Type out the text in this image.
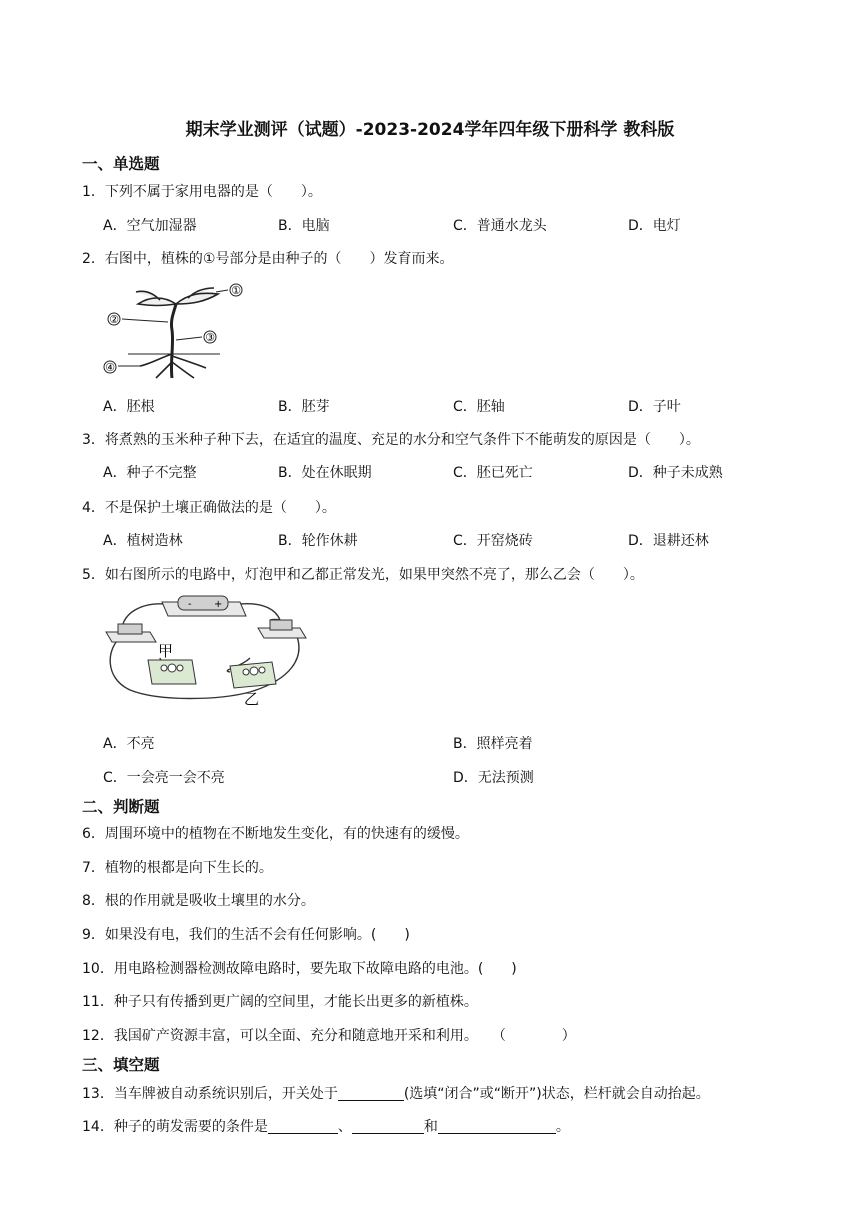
期末学业测评（试题）-2023-2024学年四年级下册科学 教科版
一、单选题
1．下列不属于家用电器的是（　　）。
A．空气加湿器	B．电脑	C．普通水龙头	D．电灯
2．右图中，植株的①号部分是由种子的（　　）发育而来。
①
②
③
④
A．胚根	B．胚芽	C．胚轴	D．子叶
3．将煮熟的玉米种子种下去，在适宜的温度、充足的水分和空气条件下不能萌发的原因是（　　）。
A．种子不完整	B．处在休眠期	C．胚已死亡	D．种子未成熟
4．不是保护土壤正确做法的是（　　）。
A．植树造林	B．轮作休耕	C．开窑烧砖	D．退耕还林
5．如右图所示的电路中，灯泡甲和乙都正常发光，如果甲突然不亮了，那么乙会（　　）。
- +
甲
乙
A．不亮	B．照样亮着
C．一会亮一会不亮	D．无法预测
二、判断题
6．周围环境中的植物在不断地发生变化，有的快速有的缓慢。
7．植物的根都是向下生长的。
8．根的作用就是吸收土壤里的水分。
9．如果没有电，我们的生活不会有任何影响。(　　)
10．用电路检测器检测故障电路时，要先取下故障电路的电池。(　　)
11．种子只有传播到更广阔的空间里，才能长出更多的新植株。
12．我国矿产资源丰富，可以全面、充分和随意地开采和利用。　　（　　　　）
三、填空题
13．当车牌被自动系统识别后，开关处于	(选填“闭合”或“断开”)状态，栏杆就会自动抬起。
14．种子的萌发需要的条件是	、	和	。
